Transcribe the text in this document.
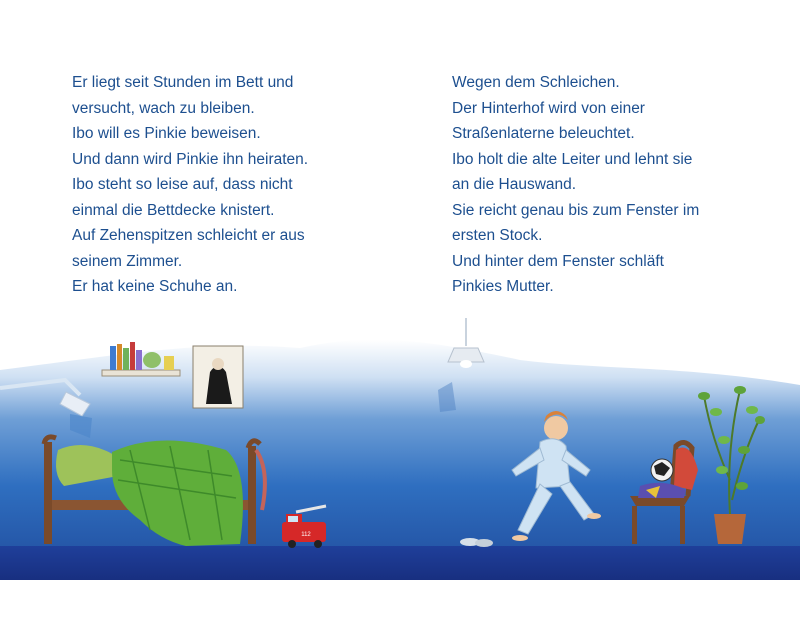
Er liegt seit Stunden im Bett und
versucht, wach zu bleiben.
Ibo will es Pinkie beweisen.
Und dann wird Pinkie ihn heiraten.
Ibo steht so leise auf, dass nicht
einmal die Bettdecke knistert.
Auf Zehenspitzen schleicht er aus
seinem Zimmer.
Er hat keine Schuhe an.
Wegen dem Schleichen.
Der Hinterhof wird von einer
Straßenlaterne beleuchtet.
Ibo holt die alte Leiter und lehnt sie
an die Hauswand.
Sie reicht genau bis zum Fenster im
ersten Stock.
Und hinter dem Fenster schläft
Pinkies Mutter.
112
